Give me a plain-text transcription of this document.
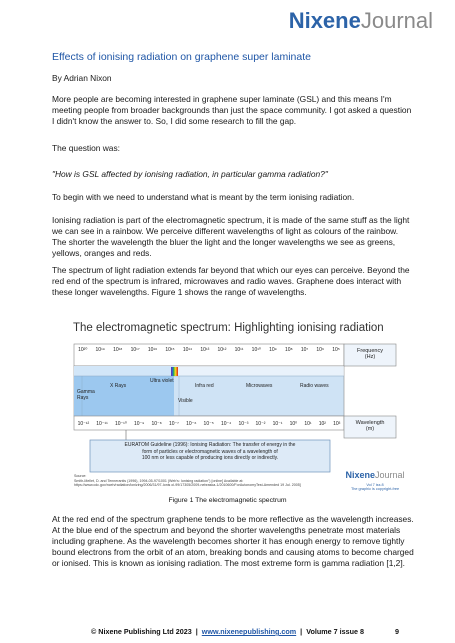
NixeneJournal
Effects of ionising radiation on graphene super laminate
By Adrian Nixon
More people are becoming interested in graphene super laminate (GSL) and this means I'm meeting people from broader backgrounds than just the space community. I got asked a question I didn't know the answer to. So, I did some research to fill the gap.
The question was:
"How is GSL affected by ionising radiation, in particular gamma radiation?"
To begin with we need to understand what is meant by the term ionising radiation.
Ionising radiation is part of the electromagnetic spectrum, it is made of the same stuff as the light we can see in a rainbow. We perceive different wavelengths of light as colours of the rainbow. The shorter the wavelength the bluer the light and the longer wavelengths we see as greens, yellows, oranges and reds.
The spectrum of light radiation extends far beyond that which our eyes can perceive. Beyond the red end of the spectrum is infrared, microwaves and radio waves. Graphene does interact with these longer wavelengths. Figure 1 shows the range of wavelengths.
The electromagnetic spectrum: Highlighting ionising radiation
10²⁰ 10¹⁹ 10¹⁸ 10¹⁷ 10¹⁶ 10¹⁵ 10¹⁴ 10¹³ 10¹² 10¹¹ 10¹⁰ 10⁹ 10⁸ 10⁷ 10⁶ 10⁵
10⁻¹² 10⁻¹¹ 10⁻¹⁰ 10⁻⁹ 10⁻⁸ 10⁻⁷ 10⁻⁶ 10⁻⁵ 10⁻⁴ 10⁻³ 10⁻² 10⁻¹ 10⁰ 10¹ 10² 10³
Gamma
Rays
X Rays
Ultra violet
Visible
Infra red	Microwaves	Radio waves
Frequency
(Hz)
Wavelength
(m)
EURATOM Guideline (1996): Ionising Radiation: The transfer of energy in the
form of particles or electromagnetic waves of a wavelength of
100 nm or less capable of producing ions directly or indirectly.
Source:
Smith-Mellet, D. and Tennerantis (1996), 1994-05-97/1001 (Web's: Ionising radiation") [online] Available at:
https://www.cdc.gov/nceh/radiation/ionizing/2006/31/97-Ionis ol-99/17305/2009-nebraska-1/2010600/ForAutonomyTest-Amended 19 Jul. 2005]
NixeneJournal
Vol 7 iss 8
The graphic is copyright-free
Figure 1 The electromagnetic spectrum
At the red end of the spectrum graphene tends to be more reflective as the wavelength increases. At the blue end of the spectrum and beyond the shorter wavelengths penetrate most materials including graphene. As the wavelength becomes shorter it has enough energy to remove tightly bound electrons from the orbit of an atom, breaking bonds and causing atoms to become charged or ionised. This is known as ionising radiation. The most extreme form is gamma radiation [1,2].
© Nixene Publishing Ltd 2023 | www.nixenepublishing.com | Volume 7 issue 8	9
